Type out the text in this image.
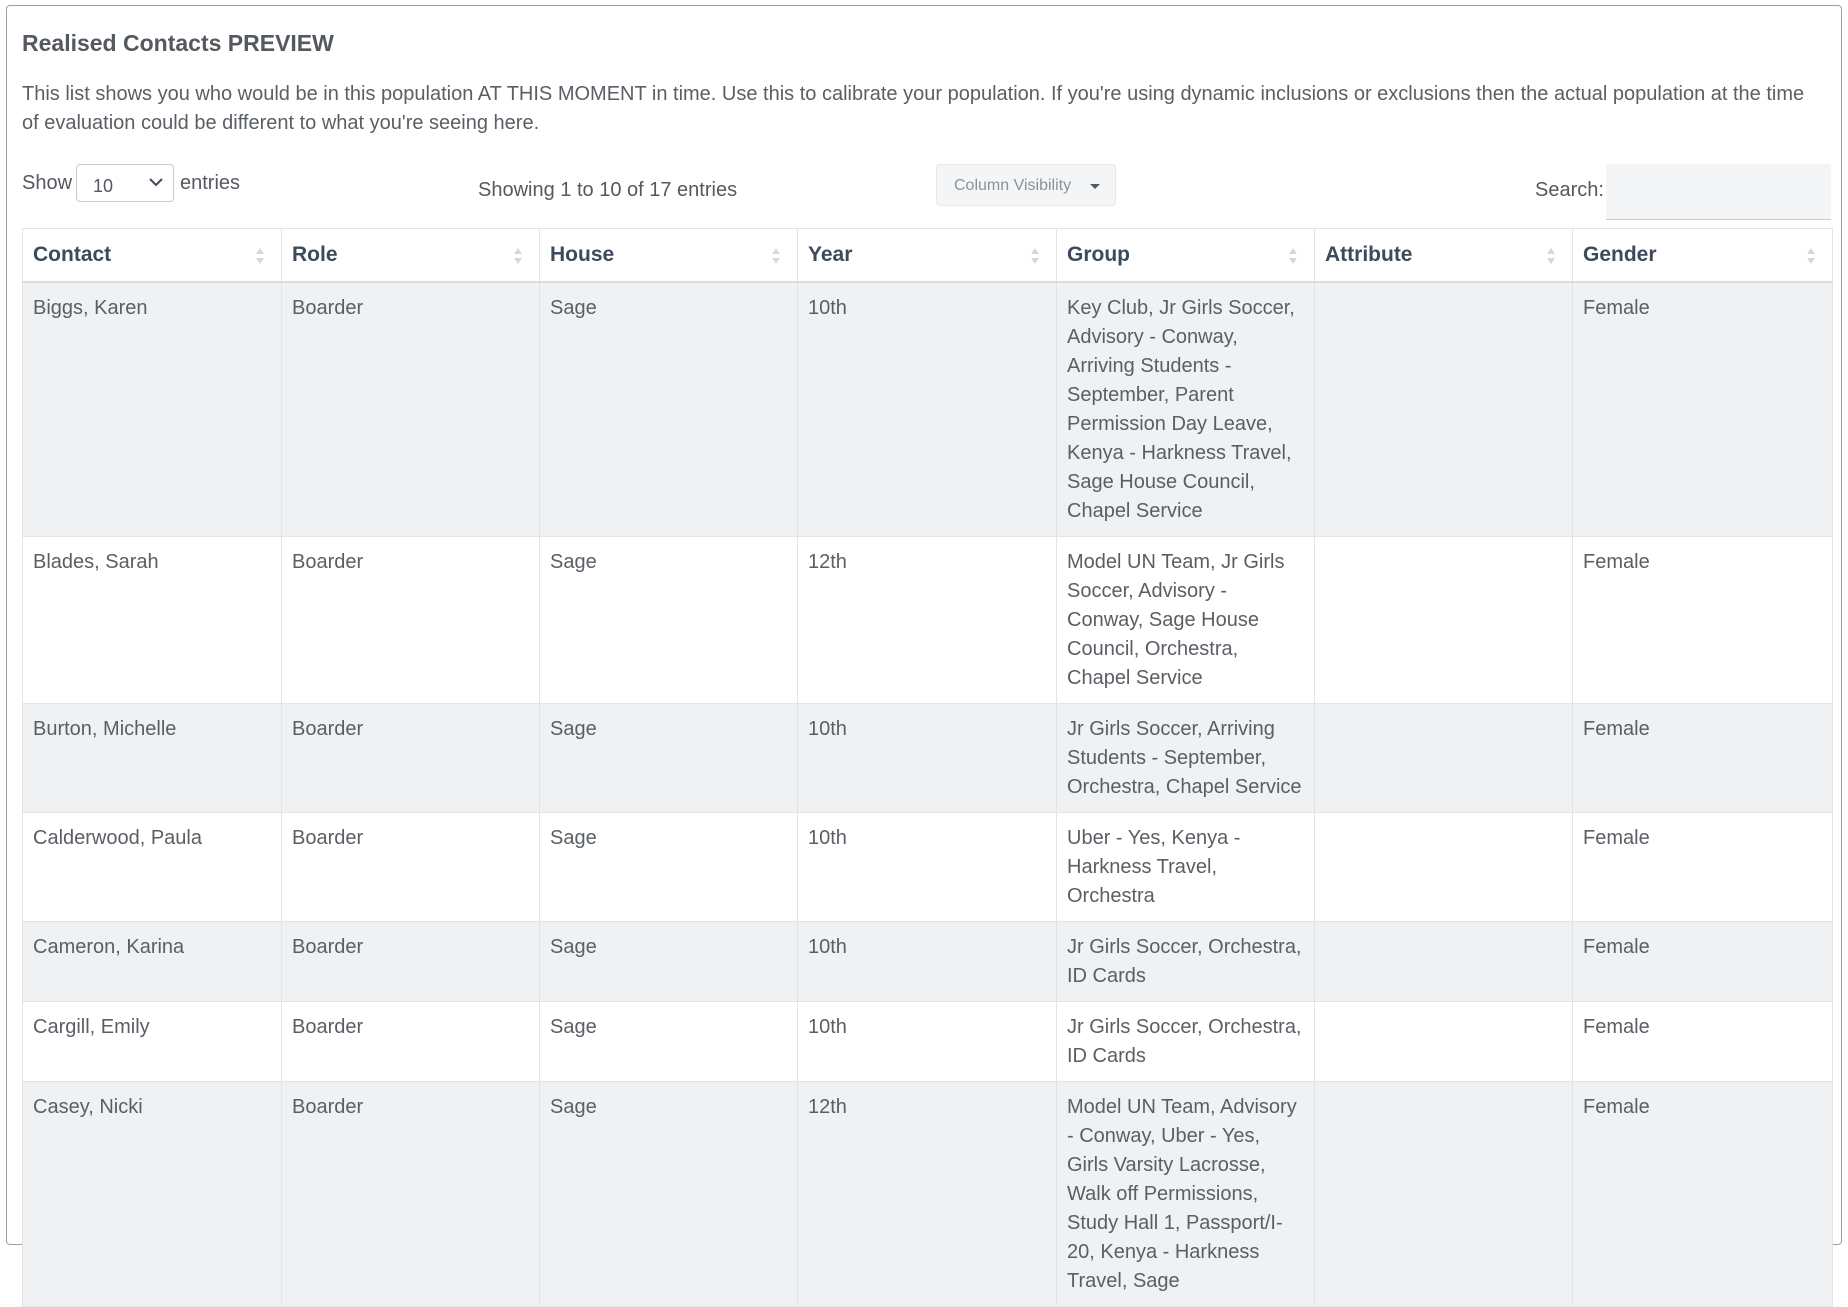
Realised Contacts PREVIEW
This list shows you who would be in this population AT THIS MOMENT in time. Use this to calibrate your population. If you're using dynamic inclusions or exclusions then the actual population at the time of evaluation could be different to what you're seeing here.
Show 10	entries	Showing 1 to 10 of 17 entries	Column Visibility	Search:
Contact	Role	House	Year	Group	Attribute	Gender

Biggs, Karen	Boarder	Sage	10th	Key Club, Jr Girls Soccer, Advisory - Conway, Arriving Students - September, Parent Permission Day Leave, Kenya - Harkness Travel, Sage House Council, Chapel Service		Female
Blades, Sarah	Boarder	Sage	12th	Model UN Team, Jr Girls Soccer, Advisory - Conway, Sage House Council, Orchestra, Chapel Service		Female
Burton, Michelle	Boarder	Sage	10th	Jr Girls Soccer, Arriving Students - September, Orchestra, Chapel Service		Female
Calderwood, Paula	Boarder	Sage	10th	Uber - Yes, Kenya - Harkness Travel, Orchestra		Female
Cameron, Karina	Boarder	Sage	10th	Jr Girls Soccer, Orchestra, ID Cards		Female
Cargill, Emily	Boarder	Sage	10th	Jr Girls Soccer, Orchestra, ID Cards		Female
Casey, Nicki	Boarder	Sage	12th	Model UN Team, Advisory - Conway, Uber - Yes, Girls Varsity Lacrosse, Walk off Permissions, Study Hall 1, Passport/I-20, Kenya - Harkness Travel, Sage		Female
